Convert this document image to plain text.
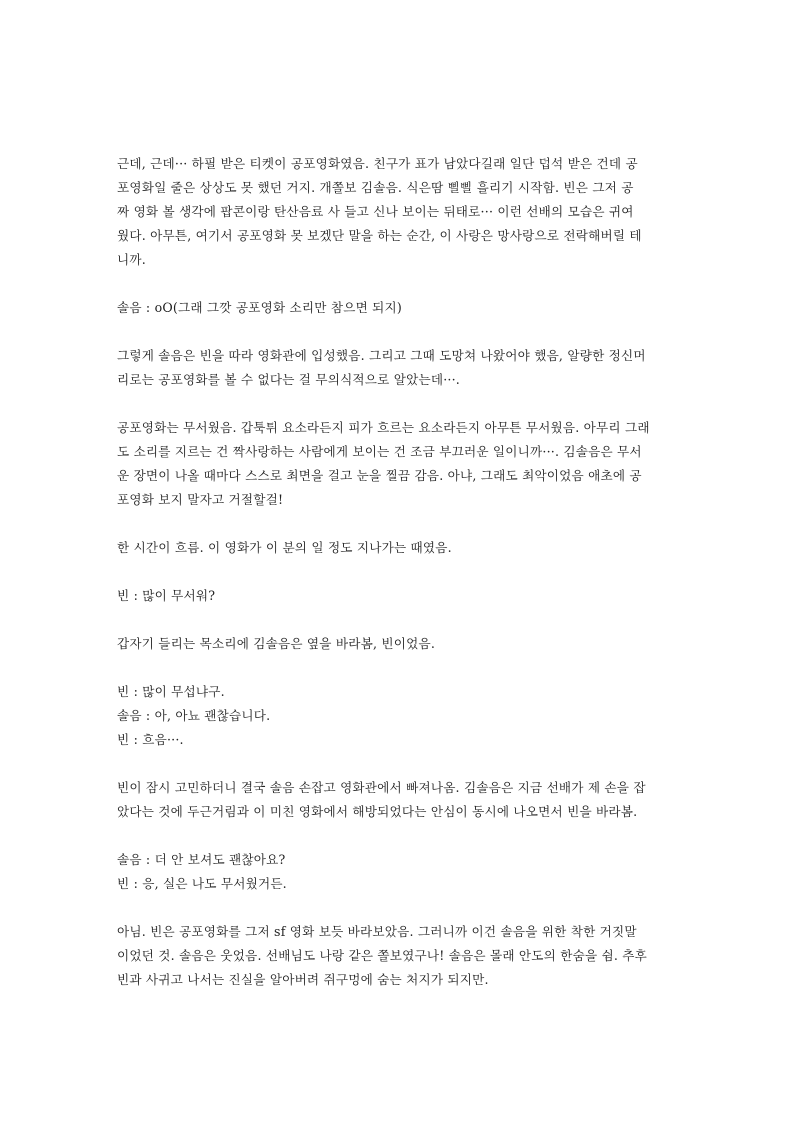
근데, 근데··· 하필 받은 티켓이 공포영화였음. 친구가 표가 남았다길래 일단 덥석 받은 건데 공
포영화일 줄은 상상도 못 했던 거지. 개쫄보 김솔음. 식은땀 삘삘 흘리기 시작함. 빈은 그저 공
짜 영화 볼 생각에 팝콘이랑 탄산음료 사 들고 신나 보이는 뒤태로··· 이런 선배의 모습은 귀여
웠다. 아무튼, 여기서 공포영화 못 보겠단 말을 하는 순간, 이 사랑은 망사랑으로 전락해버릴 테
니까.

솔음 : oO(그래 그깟 공포영화 소리만 참으면 되지)

그렇게 솔음은 빈을 따라 영화관에 입성했음. 그리고 그때 도망쳐 나왔어야 했음, 알량한 정신머
리로는 공포영화를 볼 수 없다는 걸 무의식적으로 알았는데···.

공포영화는 무서웠음. 갑툭튀 요소라든지 피가 흐르는 요소라든지 아무튼 무서웠음. 아무리 그래
도 소리를 지르는 건 짝사랑하는 사람에게 보이는 건 조금 부끄러운 일이니까···. 김솔음은 무서
운 장면이 나올 때마다 스스로 최면을 걸고 눈을 찔끔 감음. 아냐, 그래도 최악이었음 애초에 공
포영화 보지 말자고 거절할걸!

한 시간이 흐름. 이 영화가 이 분의 일 정도 지나가는 때였음.

빈 : 많이 무서워?

갑자기 들리는 목소리에 김솔음은 옆을 바라봄, 빈이었음.

빈 : 많이 무섭냐구.
솔음 : 아, 아뇨 괜찮습니다.
빈 : 흐음···.

빈이 잠시 고민하더니 결국 솔음 손잡고 영화관에서 빠져나옴. 김솔음은 지금 선배가 제 손을 잡
았다는 것에 두근거림과 이 미친 영화에서 해방되었다는 안심이 동시에 나오면서 빈을 바라봄.

솔음 : 더 안 보셔도 괜찮아요?
빈 : 응, 실은 나도 무서웠거든.

아님. 빈은 공포영화를 그저 sf 영화 보듯 바라보았음. 그러니까 이건 솔음을 위한 착한 거짓말
이었던 것. 솔음은 웃었음. 선배님도 나랑 같은 쫄보였구나! 솔음은 몰래 안도의 한숨을 쉼. 추후
빈과 사귀고 나서는 진실을 알아버려 쥐구멍에 숨는 처지가 되지만.
